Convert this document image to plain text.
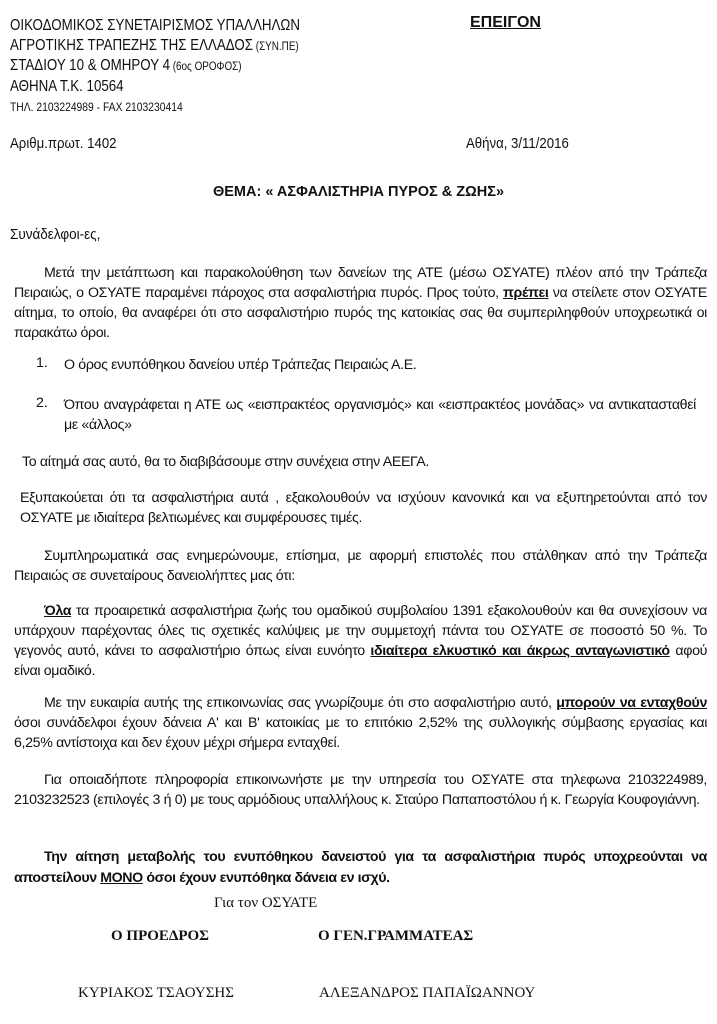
ΟΙΚΟΔΟΜΙΚΟΣ ΣΥΝΕΤΑΙΡΙΣΜΟΣ ΥΠΑΛΛΗΛΩΝ
ΑΓΡΟΤΙΚΗΣ ΤΡΑΠΕΖΗΣ ΤΗΣ ΕΛΛΑΔΟΣ (ΣΥΝ.ΠΕ)
ΣΤΑΔΙΟΥ 10 & ΟΜΗΡΟΥ 4 (6ος ΟΡΟΦΟΣ)
ΑΘΗΝΑ Τ.Κ. 10564
ΤΗΛ. 2103224989 - FAX 2103230414
ΕΠΕΙΓΟΝ
Αριθμ.πρωτ. 1402	Αθήνα, 3/11/2016
ΘΕΜΑ: « ΑΣΦΑΛΙΣΤΗΡΙΑ ΠΥΡΟΣ & ΖΩΗΣ»
Συνάδελφοι-ες,
Μετά την μετάπτωση και παρακολούθηση των δανείων της ΑΤΕ (μέσω ΟΣΥΑΤΕ) πλέον από την Τράπεζα Πειραιώς, ο ΟΣΥΑΤΕ παραμένει πάροχος στα ασφαλιστήρια πυρός. Προς τούτο, πρέπει να στείλετε στον ΟΣΥΑΤΕ αίτημα, το οποίο, θα αναφέρει ότι στο ασφαλιστήριο πυρός της κατοικίας σας θα συμπεριληφθούν υποχρεωτικά οι παρακάτω όροι.
1. Ο όρος ενυπόθηκου δανείου υπέρ Τράπεζας Πειραιώς Α.Ε.
2. Όπου αναγράφεται η ΑΤΕ ως «εισπρακτέος οργανισμός» και «εισπρακτέος μονάδας» να αντικατασταθεί με «άλλος»
Το αίτημά σας αυτό, θα το διαβιβάσουμε στην συνέχεια στην ΑΕΕΓΑ.
Εξυπακούεται ότι τα ασφαλιστήρια αυτά , εξακολουθούν να ισχύουν κανονικά και να εξυπηρετούνται από τον ΟΣΥΑΤΕ με ιδιαίτερα βελτιωμένες και συμφέρουσες τιμές.
Συμπληρωματικά σας ενημερώνουμε, επίσημα, με αφορμή επιστολές που στάλθηκαν από την Τράπεζα Πειραιώς σε συνεταίρους δανειολήπτες μας ότι:
Όλα τα προαιρετικά ασφαλιστήρια ζωής του ομαδικού συμβολαίου 1391 εξακολουθούν και θα συνεχίσουν να υπάρχουν παρέχοντας όλες τις σχετικές καλύψεις με την συμμετοχή πάντα του ΟΣΥΑΤΕ σε ποσοστό 50 %. Το γεγονός αυτό, κάνει το ασφαλιστήριο όπως είναι ευνόητο ιδιαίτερα ελκυστικό και άκρως ανταγωνιστικό αφού είναι ομαδικό.
Με την ευκαιρία αυτής της επικοινωνίας σας γνωρίζουμε ότι στο ασφαλιστήριο αυτό, μπορούν να ενταχθούν όσοι συνάδελφοι έχουν δάνεια Α' και Β' κατοικίας με το επιτόκιο 2,52% της συλλογικής σύμβασης εργασίας και 6,25% αντίστοιχα και δεν έχουν μέχρι σήμερα ενταχθεί.
Για οποιαδήποτε πληροφορία επικοινωνήστε με την υπηρεσία του ΟΣΥΑΤΕ στα τηλεφωνα 2103224989, 2103232523 (επιλογές 3 ή 0) με τους αρμόδιους υπαλλήλους κ. Σταύρο Παπαποστόλου ή κ. Γεωργία Κουφογιάννη.
Την αίτηση μεταβολής του ενυπόθηκου δανειστού για τα ασφαλιστήρια πυρός υποχρεούνται να αποστείλουν ΜΟΝΟ όσοι έχουν ενυπόθηκα δάνεια εν ισχύ.
Για τον ΟΣΥΑΤΕ
Ο ΠΡΟΕΔΡΟΣ	Ο ΓΕΝ.ΓΡΑΜΜΑΤΕΑΣ
ΚΥΡΙΑΚΟΣ ΤΣΑΟΥΣΗΣ	ΑΛΕΞΑΝΔΡΟΣ ΠΑΠΑΪΩΑΝΝΟΥ
